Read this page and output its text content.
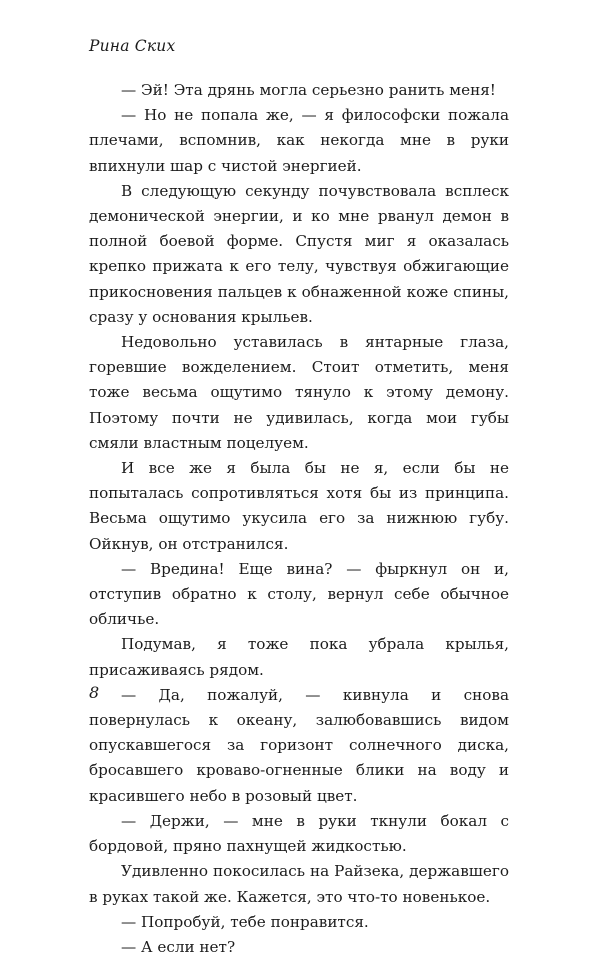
Рина Ских

— Эй! Эта дрянь могла серьезно ранить меня!

— Но не попала же, — я философски пожала плечами, вспомнив, как некогда мне в руки впихнули шар с чистой энергией.

В следующую секунду почувствовала всплеск демонической энергии, и ко мне рванул демон в полной боевой форме. Спустя миг я оказалась крепко прижата к его телу, чувствуя обжигающие прикосновения пальцев к обнаженной коже спины, сразу у основания крыльев.

Недовольно уставилась в янтарные глаза, горевшие вожделением. Стоит отметить, меня тоже весьма ощутимо тянуло к этому демону. Поэтому почти не удивилась, когда мои губы смяли властным поцелуем.

И все же я была бы не я, если бы не попыталась сопротивляться хотя бы из принципа. Весьма ощутимо укусила его за нижнюю губу. Ойкнув, он отстранился.

— Вредина! Еще вина? — фыркнул он и, отступив обратно к столу, вернул себе обычное обличье.

Подумав, я тоже пока убрала крылья, присаживаясь рядом.

— Да, пожалуй, — кивнула и снова повернулась к океану, залюбовавшись видом опускавшегося за горизонт солнечного диска, бросавшего кроваво-огненные блики на воду и красившего небо в розовый цвет.

— Держи, — мне в руки ткнули бокал с бордовой, пряно пахнущей жидкостью.

Удивленно покосилась на Райзека, державшего в руках такой же. Кажется, это что-то новенькое.

— Попробуй, тебе понравится.

— А если нет?

8
